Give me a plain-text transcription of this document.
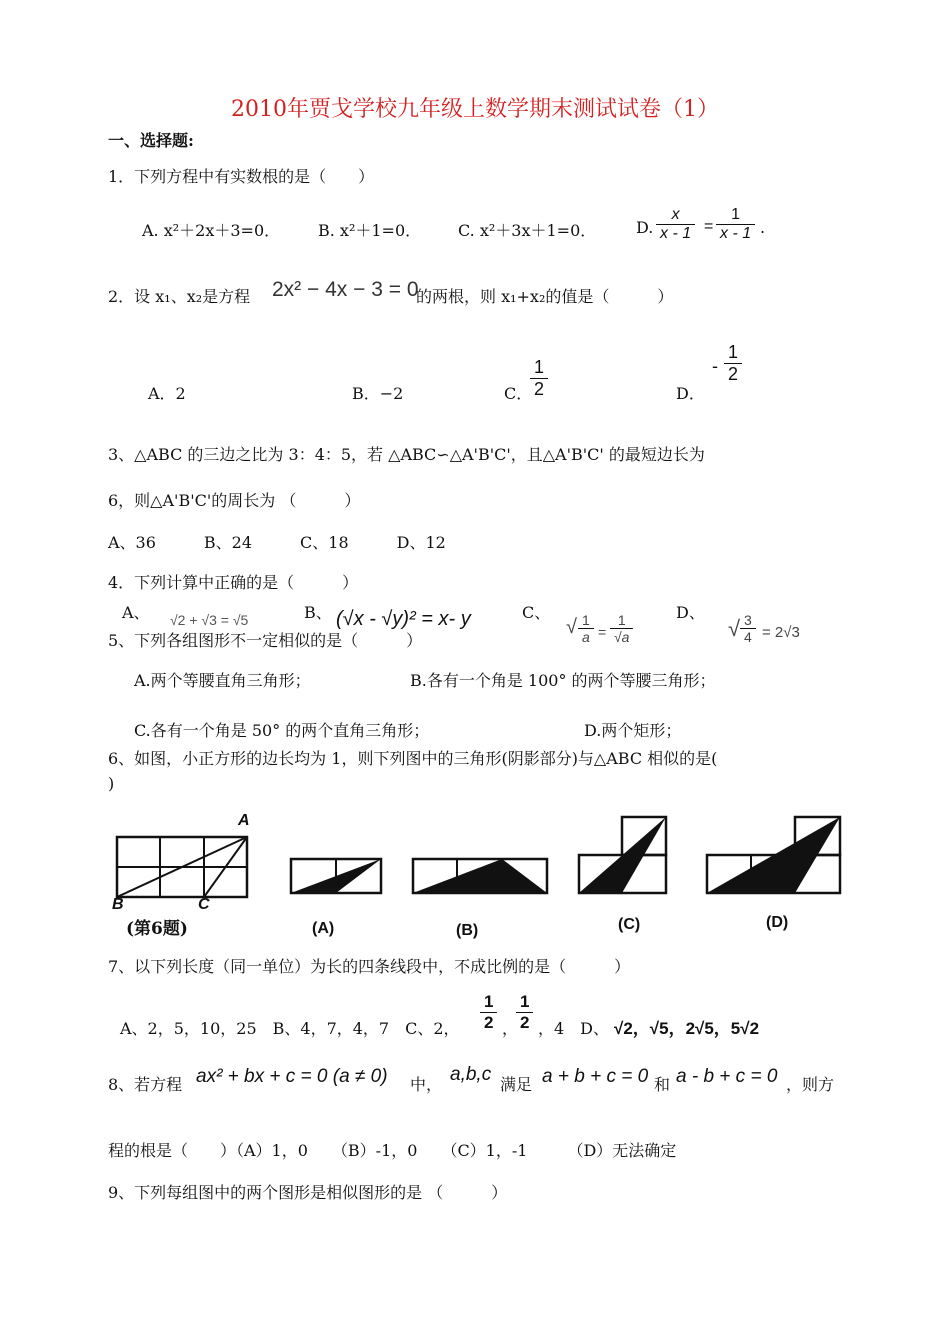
2010年贾戈学校九年级上数学期末测试试卷（1）
一、选择题:
1．下列方程中有实数根的是（　　）
A. x²＋2x＋3=0． B. x²＋1=0． C. x²＋3x＋1=0． D. $\frac{x}{x - 1} = \frac{1}{x - 1}$ .
2．设 x₁、x₂是方程 2x² − 4x − 3 = 0
的两根，则 x₁+x₂的值是（　　　）
A．2	B．−2	C．
$\frac{1}{2}$	D．
- $\frac{1}{2}$
3、△ABC 的三边之比为 3：4：5，若 △ABC∽△A'B'C'，且△A'B'C' 的最短边长为
6，则△A'B'C'的周长为 （　　　）
A、36　　　B、24　　　C、18　　　D、12
4．下列计算中正确的是（　　　）
A、 √2 + √3 = √5	B、 (√x - √y)² = x- y	C、
√ $\frac{1}{a} = \frac{1}{√a}$	D、
√ $\frac{3}{4} = 2√3$
5、下列各组图形不一定相似的是（　　　）
A.两个等腰直角三角形；	B.各有一个角是 100° 的两个等腰三角形；
C.各有一个角是 50° 的两个直角三角形；	D.两个矩形；
6、如图，小正方形的边长均为 1，则下列图中的三角形(阴影部分)与△ABC 相似的是(
)
A
B	C
(第6题)	(A)	(B)	(C)	(D)
7、以下列长度（同一单位）为长的四条线段中，不成比例的是（　　　）
A、2，5，10，25　B、4，7，4，7　C、2， $\frac{1}{2}$ ，
$\frac{1}{2}$ ，4　D、 √2，√5，2√5，5√2
8、若方程 ax² + bx + c = 0 (a ≠ 0) 中， a,b,c 满足 a + b + c = 0 和 a - b + c = 0 ，则方
程的根是（　　）（A）1，0　　（B）-1，0　　（C）1，-1　　　（D）无法确定
9、下列每组图中的两个图形是相似图形的是 （　　　）
